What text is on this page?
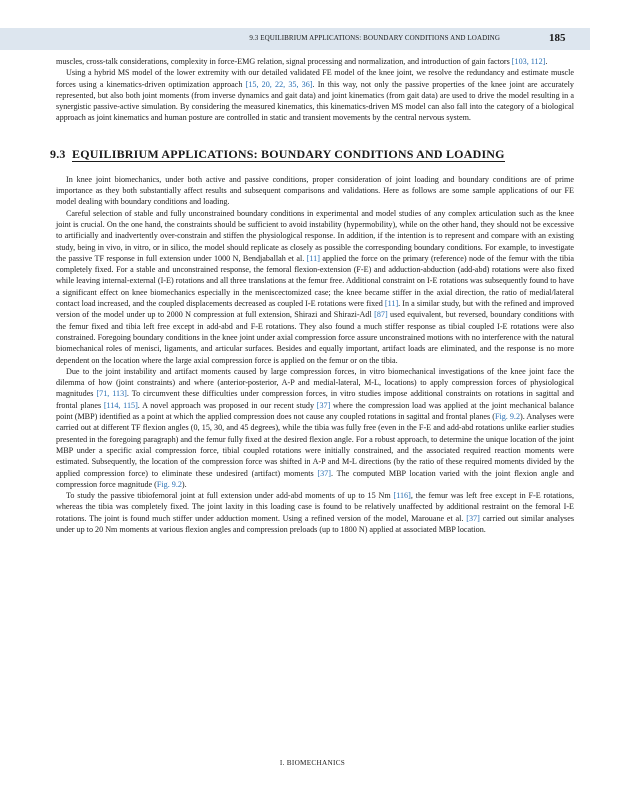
9.3 EQUILIBRIUM APPLICATIONS: BOUNDARY CONDITIONS AND LOADING	185

muscles, cross-talk considerations, complexity in force-EMG relation, signal processing and normalization, and introduction of gain factors [103, 112].

Using a hybrid MS model of the lower extremity with our detailed validated FE model of the knee joint, we resolve the redundancy and estimate muscle forces using a kinematics-driven optimization approach [15, 20, 22, 35, 36]. In this way, not only the passive properties of the knee joint are accurately represented, but also both joint moments (from inverse dynamics and gait data) and joint kinematics (from gait data) are used to drive the model resulting in a synergistic passive-active simulation. By considering the measured kinematics, this kinematics-driven MS model can also fall into the category of a biological approach as joint kinematics and human posture are controlled in static and transient movements by the central nervous system.

9.3 EQUILIBRIUM APPLICATIONS: BOUNDARY CONDITIONS AND LOADING

In knee joint biomechanics, under both active and passive conditions, proper consideration of joint loading and boundary conditions are of prime importance as they both substantially affect results and subsequent comparisons and validations. Here as follows are some sample applications of our FE model dealing with boundary conditions and loading.

Careful selection of stable and fully unconstrained boundary conditions in experimental and model studies of any complex articulation such as the knee joint is crucial. On the one hand, the constraints should be sufficient to avoid instability (hypermobility), while on the other hand, they should not be excessive to artificially and inadvertently over-constrain and stiffen the physiological response. In addition, if the intention is to represent and compare with an existing study, being in vivo, in vitro, or in silico, the model should replicate as closely as possible the corresponding boundary conditions. For example, to investigate the passive TF response in full extension under 1000 N, Bendjaballah et al. [11] applied the force on the primary (reference) node of the femur with the tibia completely fixed. For a stable and unconstrained response, the femoral flexion-extension (F-E) and adduction-abduction (add-abd) rotations were also fixed while leaving internal-external (I-E) rotations and all three translations at the femur free. Additional constraint on I-E rotations was subsequently found to have a significant effect on knee biomechanics especially in the meniscectomized case; the knee became stiffer in the axial direction, the ratio of medial/lateral contact load increased, and the coupled displacements decreased as coupled I-E rotations were fixed [11]. In a similar study, but with the refined and improved version of the model under up to 2000 N compression at full extension, Shirazi and Shirazi-Adl [87] used equivalent, but reversed, boundary conditions with the femur fixed and tibia left free except in add-abd and F-E rotations. They also found a much stiffer response as tibial coupled I-E rotations were also constrained. Foregoing boundary conditions in the knee joint under axial compression force assure unconstrained motions with no interference with the natural biomechanical roles of menisci, ligaments, and articular surfaces. Besides and equally important, artifact loads are eliminated, and the response is no more dependent on the location where the large axial compression force is applied on the femur or on the tibia.

Due to the joint instability and artifact moments caused by large compression forces, in vitro biomechanical investigations of the knee joint face the dilemma of how (joint constraints) and where (anterior-posterior, A-P and medial-lateral, M-L, locations) to apply compression forces of physiological magnitudes [71, 113]. To circumvent these difficulties under compression forces, in vitro studies impose additional constraints on rotations in sagittal and frontal planes [114, 115]. A novel approach was proposed in our recent study [37] where the compression load was applied at the joint mechanical balance point (MBP) identified as a point at which the applied compression does not cause any coupled rotations in sagittal and frontal planes (Fig. 9.2). Analyses were carried out at different TF flexion angles (0, 15, 30, and 45 degrees), while the tibia was fully free (even in the F-E and add-abd rotations unlike earlier studies presented in the foregoing paragraph) and the femur fully fixed at the desired flexion angle. For a robust approach, to determine the unique location of the joint MBP under a specific axial compression force, tibial coupled rotations were initially constrained, and the associated required reaction moments were estimated. Subsequently, the location of the compression force was shifted in A-P and M-L directions (by the ratio of these required moments divided by the applied compression force) to eliminate these undesired (artifact) moments [37]. The computed MBP location varied with the joint flexion angle and compression force magnitude (Fig. 9.2).

To study the passive tibiofemoral joint at full extension under add-abd moments of up to 15 Nm [116], the femur was left free except in F-E rotations, whereas the tibia was completely fixed. The joint laxity in this loading case is found to be relatively unaffected by additional restraint on the femoral I-E rotations. The joint is found much stiffer under adduction moment. Using a refined version of the model, Marouane et al. [37] carried out similar analyses under up to 20 Nm moments at various flexion angles and compression preloads (up to 1800 N) applied at associated MBP location.

I. BIOMECHANICS
